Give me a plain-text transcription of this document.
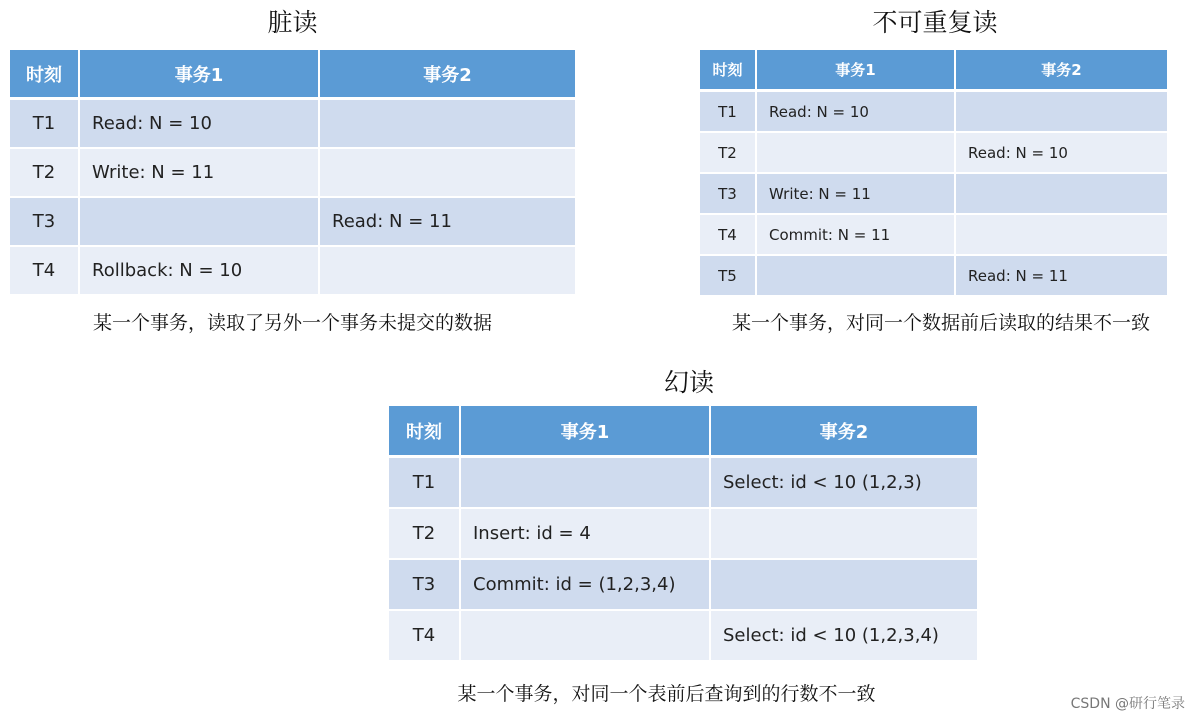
脏读
时刻	事务1	事务2
T1	Read: N = 10	
T2	Write: N = 11	
T3		Read: N = 11
T4	Rollback: N = 10	
某一个事务，读取了另外一个事务未提交的数据
不可重复读
时刻	事务1	事务2
T1	Read: N = 10	
T2		Read: N = 10
T3	Write: N = 11	
T4	Commit: N = 11	
T5		Read: N = 11
某一个事务，对同一个数据前后读取的结果不一致
幻读
时刻	事务1	事务2
T1		Select: id < 10 (1,2,3)
T2	Insert: id = 4	
T3	Commit: id = (1,2,3,4)	
T4		Select: id < 10 (1,2,3,4)
某一个事务，对同一个表前后查询到的行数不一致	CSDN @研行笔录
